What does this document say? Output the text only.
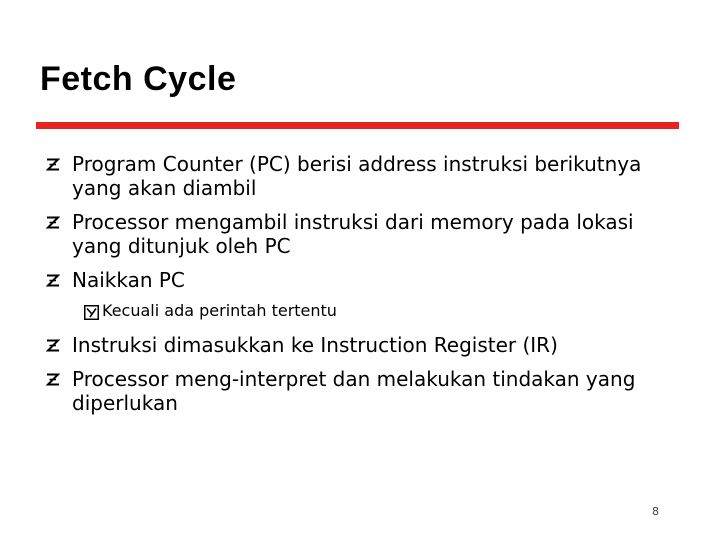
Fetch Cycle
Program Counter (PC) berisi address instruksi berikutnya yang akan diambil
Processor mengambil instruksi dari memory pada lokasi yang ditunjuk oleh PC
Naikkan PC
Kecuali ada perintah tertentu
Instruksi dimasukkan ke Instruction Register (IR)
Processor meng-interpret dan melakukan tindakan yang diperlukan
8
